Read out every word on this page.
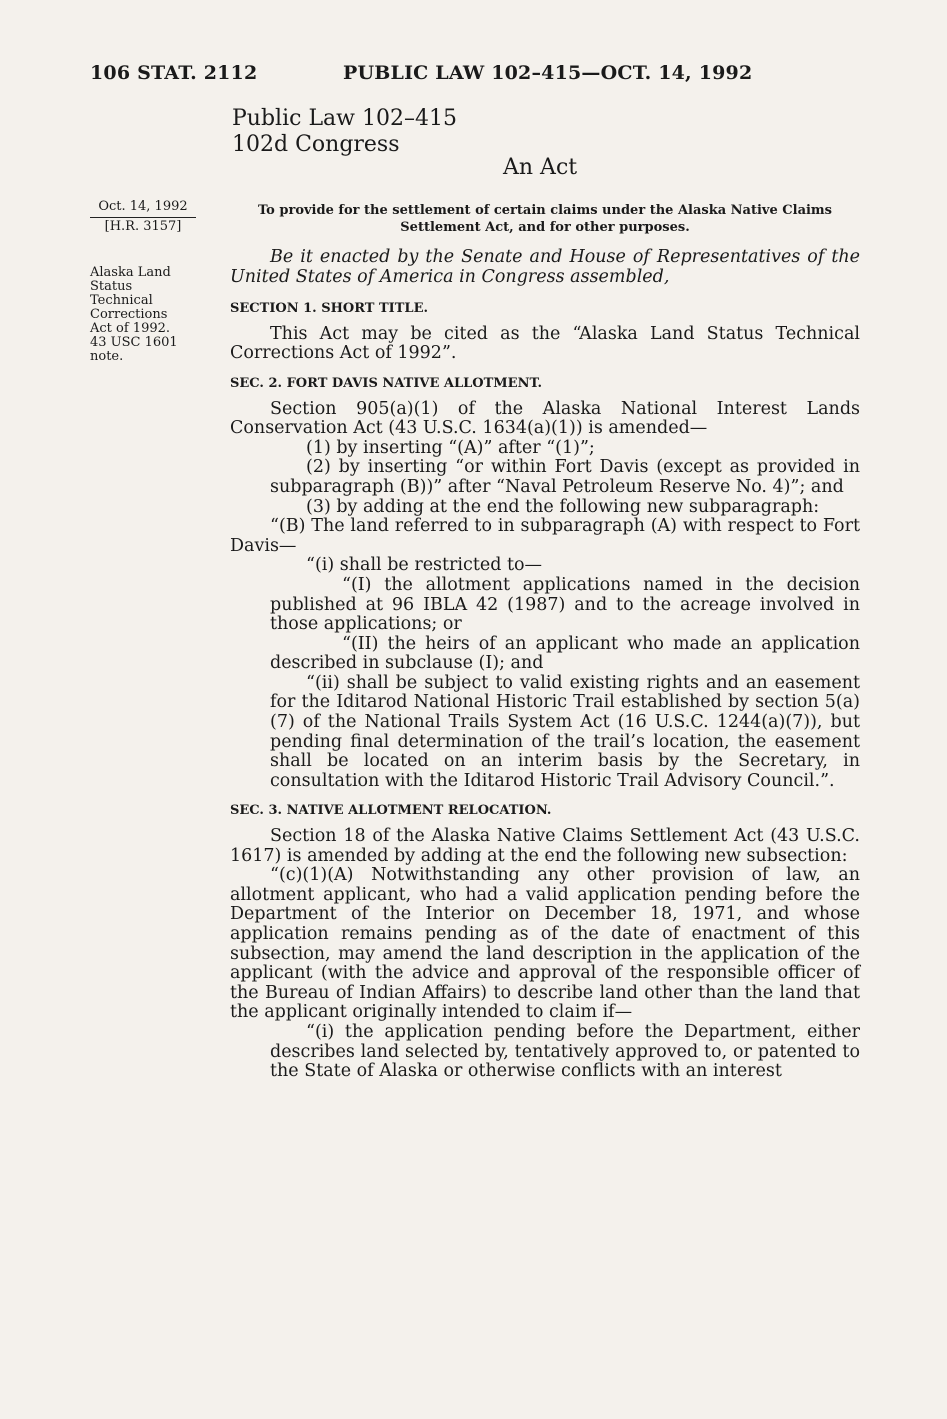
106 STAT. 2112	PUBLIC LAW 102–415—OCT. 14, 1992
Public Law 102–415
102d Congress
An Act
Oct. 14, 1992
[H.R. 3157]
Alaska Land
Status
Technical
Corrections
Act of 1992.
43 USC 1601
note.
To provide for the settlement of certain claims under the Alaska Native Claims Settlement Act, and for other purposes.

Be it enacted by the Senate and House of Representatives of the United States of America in Congress assembled,

SECTION 1. SHORT TITLE.

This Act may be cited as the “Alaska Land Status Technical Corrections Act of 1992”.

SEC. 2. FORT DAVIS NATIVE ALLOTMENT.

Section 905(a)(1) of the Alaska National Interest Lands Conservation Act (43 U.S.C. 1634(a)(1)) is amended—

(1) by inserting “(A)” after “(1)”;

(2) by inserting “or within Fort Davis (except as provided in subparagraph (B))” after “Naval Petroleum Reserve No. 4)”; and

(3) by adding at the end the following new subparagraph:

“(B) The land referred to in subparagraph (A) with respect to Fort Davis—

“(i) shall be restricted to—

“(I) the allotment applications named in the decision published at 96 IBLA 42 (1987) and to the acreage involved in those applications; or

“(II) the heirs of an applicant who made an application described in subclause (I); and

“(ii) shall be subject to valid existing rights and an easement for the Iditarod National Historic Trail established by section 5(a)(7) of the National Trails System Act (16 U.S.C. 1244(a)(7)), but pending final determination of the trail’s location, the easement shall be located on an interim basis by the Secretary, in consultation with the Iditarod Historic Trail Advisory Council.”.

SEC. 3. NATIVE ALLOTMENT RELOCATION.

Section 18 of the Alaska Native Claims Settlement Act (43 U.S.C. 1617) is amended by adding at the end the following new subsection:

“(c)(1)(A) Notwithstanding any other provision of law, an allotment applicant, who had a valid application pending before the Department of the Interior on December 18, 1971, and whose application remains pending as of the date of enactment of this subsection, may amend the land description in the application of the applicant (with the advice and approval of the responsible officer of the Bureau of Indian Affairs) to describe land other than the land that the applicant originally intended to claim if—

“(i) the application pending before the Department, either describes land selected by, tentatively approved to, or patented to the State of Alaska or otherwise conflicts with an interest
